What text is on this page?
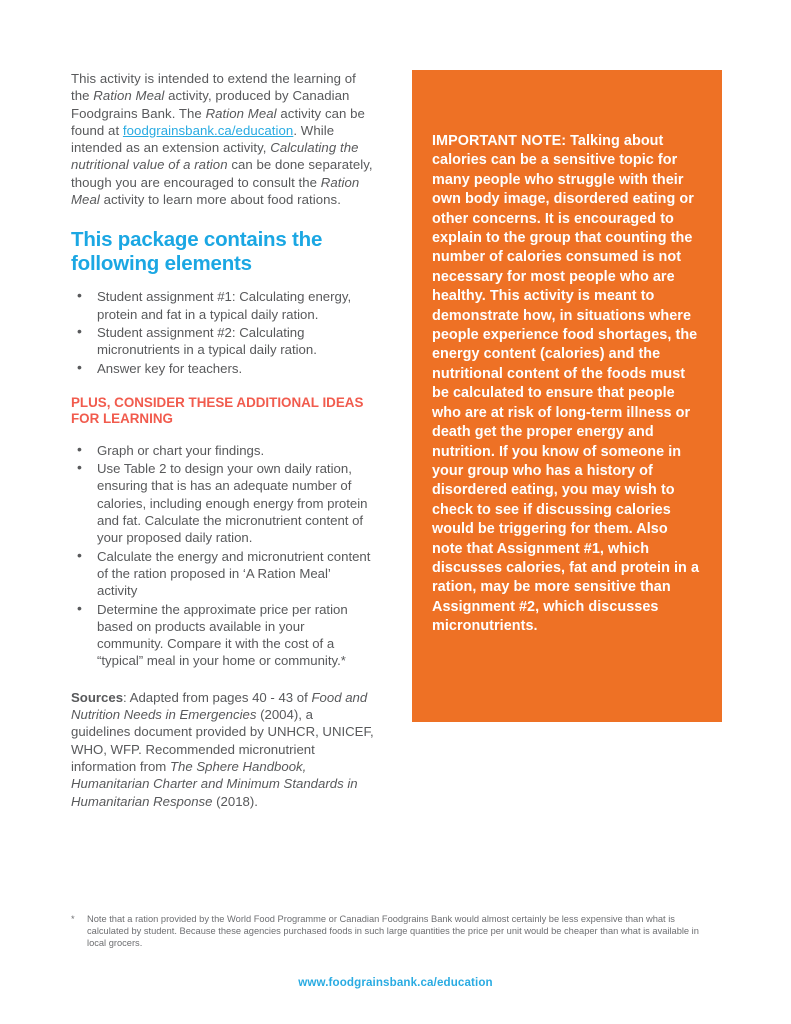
This activity is intended to extend the learning of the Ration Meal activity, produced by Canadian Foodgrains Bank. The Ration Meal activity can be found at foodgrainsbank.ca/education. While intended as an extension activity, Calculating the nutritional value of a ration can be done separately, though you are encouraged to consult the Ration Meal activity to learn more about food rations.

This package contains the following elements
• Student assignment #1: Calculating energy, protein and fat in a typical daily ration.
• Student assignment #2: Calculating micronutrients in a typical daily ration.
• Answer key for teachers.
PLUS, CONSIDER THESE ADDITIONAL IDEAS FOR LEARNING
• Graph or chart your findings.
• Use Table 2 to design your own daily ration, ensuring that is has an adequate number of calories, including enough energy from protein and fat. Calculate the micronutrient content of your proposed daily ration.
• Calculate the energy and micronutrient content of the ration proposed in ‘A Ration Meal’ activity
• Determine the approximate price per ration based on products available in your community. Compare it with the cost of a “typical” meal in your home or community.*

Sources: Adapted from pages 40 - 43 of Food and Nutrition Needs in Emergencies (2004), a guidelines document provided by UNHCR, UNICEF, WHO, WFP. Recommended micronutrient information from The Sphere Handbook, Humanitarian Charter and Minimum Standards in Humanitarian Response (2018).

IMPORTANT NOTE: Talking about calories can be a sensitive topic for many people who struggle with their own body image, disordered eating or other concerns. It is encouraged to explain to the group that counting the number of calories consumed is not necessary for most people who are healthy. This activity is meant to demonstrate how, in situations where people experience food shortages, the energy content (calories) and the nutritional content of the foods must be calculated to ensure that people who are at risk of long-term illness or death get the proper energy and nutrition. If you know of someone in your group who has a history of disordered eating, you may wish to check to see if discussing calories would be triggering for them. Also note that Assignment #1, which discusses calories, fat and protein in a ration, may be more sensitive than Assignment #2, which discusses micronutrients.

*	Note that a ration provided by the World Food Programme or Canadian Foodgrains Bank would almost certainly be less expensive than what is calculated by student. Because these agencies purchased foods in such large quantities the price per unit would be cheaper than what is available in local grocers.
www.foodgrainsbank.ca/education
